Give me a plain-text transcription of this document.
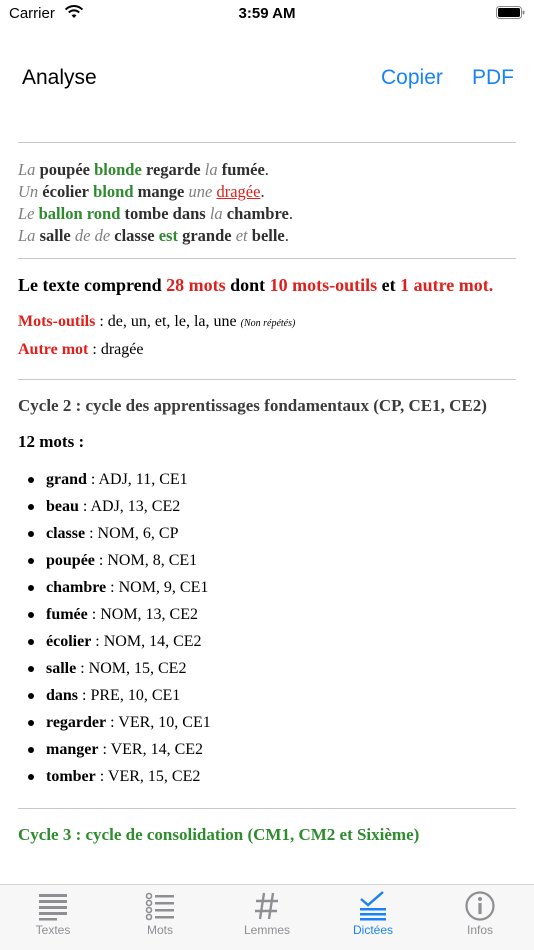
Carrier	3:59 AM
Analyse	Copier PDF
La poupée blonde regarde la fumée.
Un écolier blond mange une dragée.
Le ballon rond tombe dans la chambre.
La salle de de classe est grande et belle.
Le texte comprend 28 mots dont 10 mots-outils et 1 autre mot.
Mots-outils : de, un, et, le, la, une (Non répétés)
Autre mot : dragée
Cycle 2 : cycle des apprentissages fondamentaux (CP, CE1, CE2)
12 mots :
grand : ADJ, 11, CE1
beau : ADJ, 13, CE2
classe : NOM, 6, CP
poupée : NOM, 8, CE1
chambre : NOM, 9, CE1
fumée : NOM, 13, CE2
écolier : NOM, 14, CE2
salle : NOM, 15, CE2
dans : PRE, 10, CE1
regarder : VER, 10, CE1
manger : VER, 14, CE2
tomber : VER, 15, CE2
Cycle 3 : cycle de consolidation (CM1, CM2 et Sixième)
Textes	Mots	Lemmes	Dictées	Infos
